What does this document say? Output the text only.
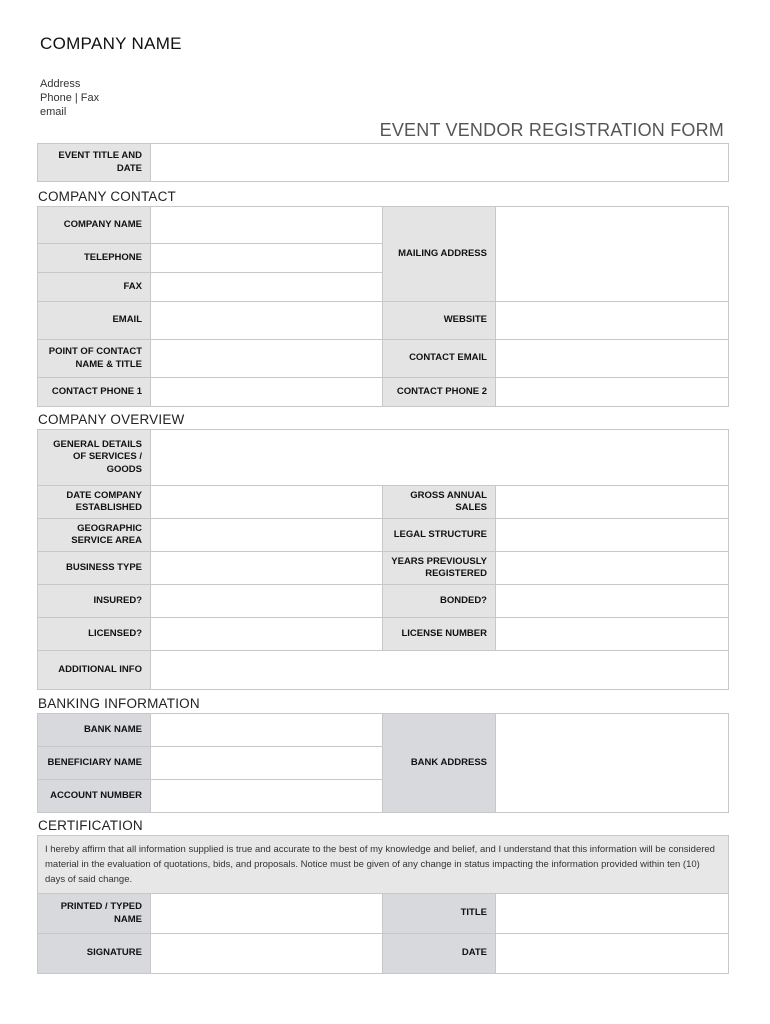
COMPANY NAME
Address
Phone | Fax
email
EVENT VENDOR REGISTRATION FORM
EVENT TITLE AND DATE	
COMPANY CONTACT
COMPANY NAME		MAILING ADDRESS	
TELEPHONE			
FAX			
EMAIL		WEBSITE	
POINT OF CONTACT NAME & TITLE		CONTACT EMAIL	
CONTACT PHONE 1		CONTACT PHONE 2	
COMPANY OVERVIEW
GENERAL DETAILS OF SERVICES / GOODS			
DATE COMPANY ESTABLISHED		GROSS ANNUAL SALES	
GEOGRAPHIC SERVICE AREA		LEGAL STRUCTURE	
BUSINESS TYPE		YEARS PREVIOUSLY REGISTERED	
INSURED?		BONDED?	
LICENSED?		LICENSE NUMBER	
ADDITIONAL INFO			
BANKING INFORMATION
BANK NAME		BANK ADDRESS	
BENEFICIARY NAME			
ACCOUNT NUMBER			
CERTIFICATION
I hereby affirm that all information supplied is true and accurate to the best of my knowledge and belief, and I understand that this information will be considered material in the evaluation of quotations, bids, and proposals. Notice must be given of any change in status impacting the information provided within ten (10) days of said change.			
PRINTED / TYPED NAME		TITLE	
SIGNATURE		DATE	
